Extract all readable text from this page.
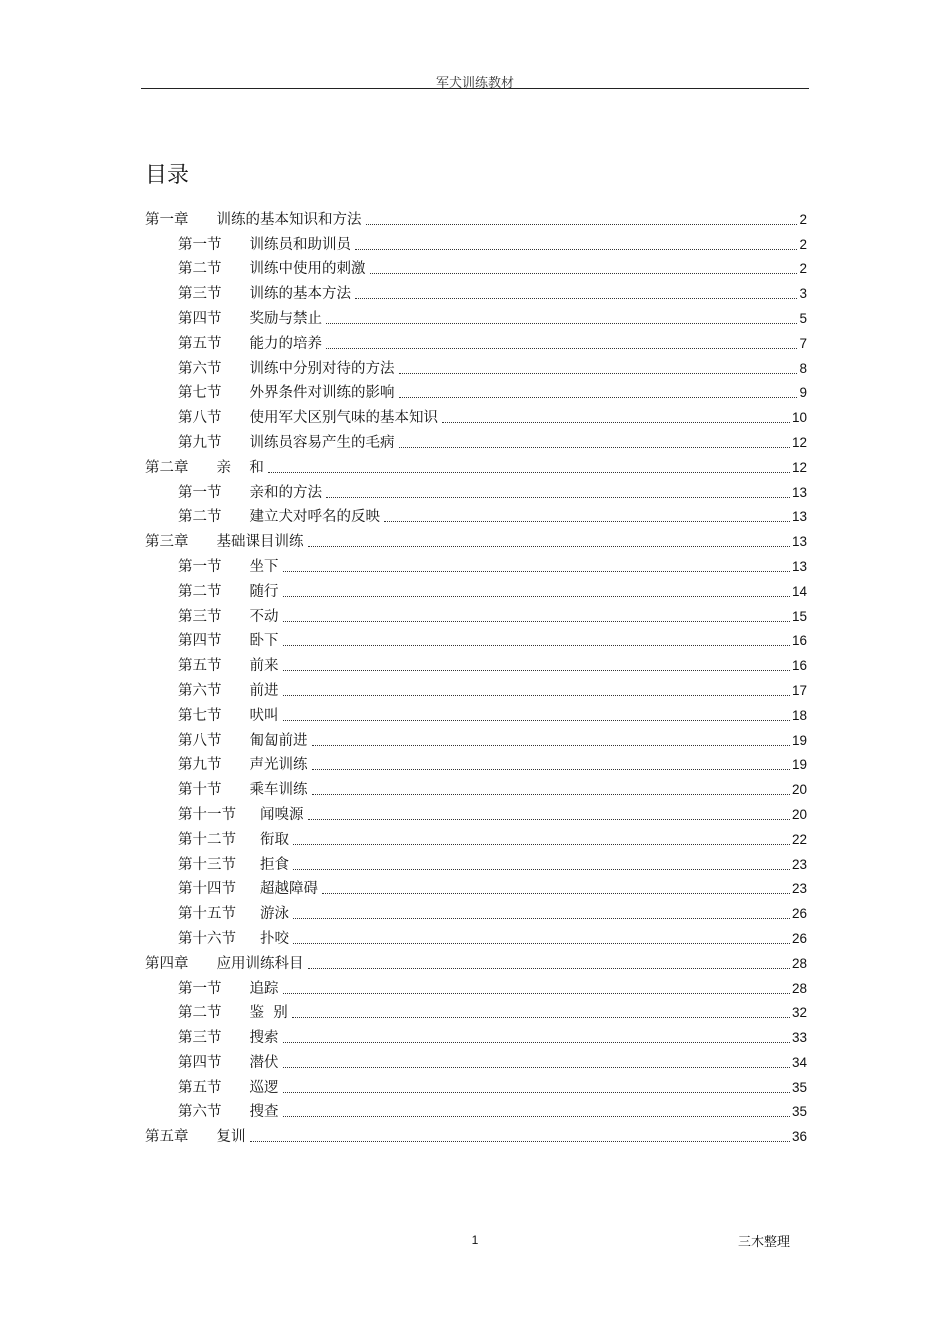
军犬训练教材
目录
第一章 训练的基本知识和方法	2
第一节 训练员和助训员	2
第二节 训练中使用的刺激	2
第三节 训练的基本方法	3
第四节 奖励与禁止	5
第五节 能力的培养	7
第六节 训练中分别对待的方法	8
第七节 外界条件对训练的影响	9
第八节 使用军犬区别气味的基本知识	10
第九节 训练员容易产生的毛病	12
第二章 亲    和	12
第一节 亲和的方法	13
第二节 建立犬对呼名的反映	13
第三章 基础课目训练	13
第一节 坐下	13
第二节 随行	14
第三节 不动	15
第四节 卧下	16
第五节 前来	16
第六节 前进	17
第七节 吠叫	18
第八节 匍匐前进	19
第九节 声光训练	19
第十节 乘车训练	20
第十一节 闻嗅源	20
第十二节 衔取	22
第十三节 拒食	23
第十四节 超越障碍	23
第十五节 游泳	26
第十六节 扑咬	26
第四章 应用训练科目	28
第一节 追踪	28
第二节 鉴  别	32
第三节 搜索	33
第四节 潜伏	34
第五节 巡逻	35
第六节 搜查	35
第五章 复训	36
1	三木整理
